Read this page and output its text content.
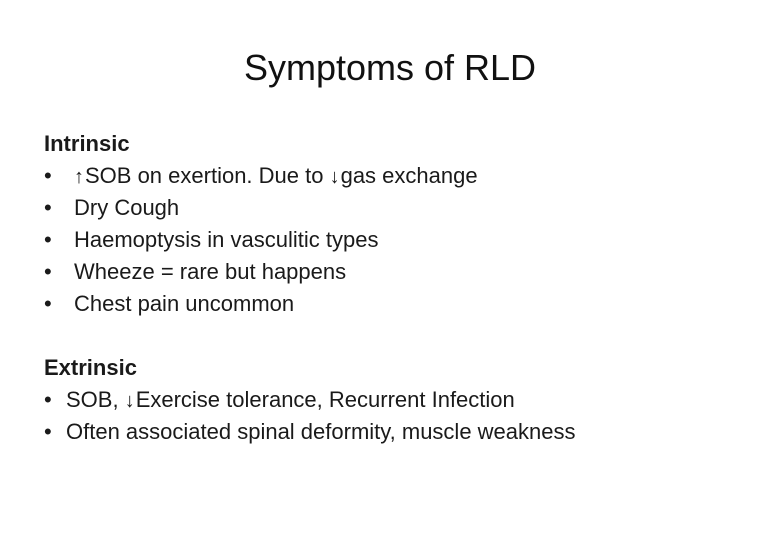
Symptoms of RLD
Intrinsic
•
↑SOB on exertion. Due to ↓gas exchange
•
Dry Cough
•
Haemoptysis in vasculitic types
•
Wheeze = rare but happens
•
Chest pain uncommon
Extrinsic
•
SOB, ↓Exercise tolerance, Recurrent Infection
•
Often associated spinal deformity, muscle weakness
